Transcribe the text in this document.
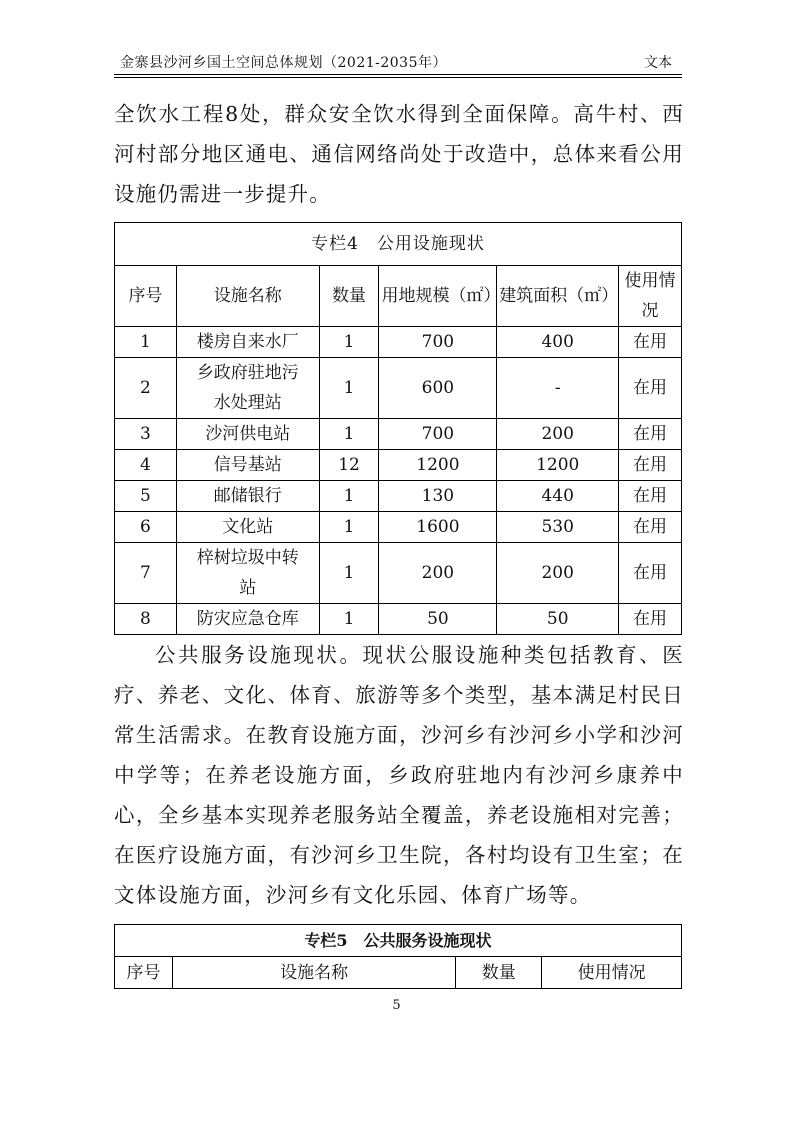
金寨县沙河乡国土空间总体规划（2021-2035年）	文本

全饮水工程8处，群众安全饮水得到全面保障。高牛村、西河村部分地区通电、通信网络尚处于改造中，总体来看公用设施仍需进一步提升。

专栏4　公用设施现状					
序号	设施名称	数量	用地规模（㎡）	建筑面积（㎡）	使用情况
1	楼房自来水厂	1	700	400	在用
2	乡政府驻地污水处理站	1	600	-	在用
3	沙河供电站	1	700	200	在用
4	信号基站	12	1200	1200	在用
5	邮储银行	1	130	440	在用
6	文化站	1	1600	530	在用
7	梓树垃圾中转站	1	200	200	在用
8	防灾应急仓库	1	50	50	在用

公共服务设施现状。现状公服设施种类包括教育、医疗、养老、文化、体育、旅游等多个类型，基本满足村民日常生活需求。在教育设施方面，沙河乡有沙河乡小学和沙河中学等；在养老设施方面，乡政府驻地内有沙河乡康养中心，全乡基本实现养老服务站全覆盖，养老设施相对完善；在医疗设施方面，有沙河乡卫生院，各村均设有卫生室；在文体设施方面，沙河乡有文化乐园、体育广场等。

专栏5　公共服务设施现状
序号	设施名称	数量	使用情况
5
